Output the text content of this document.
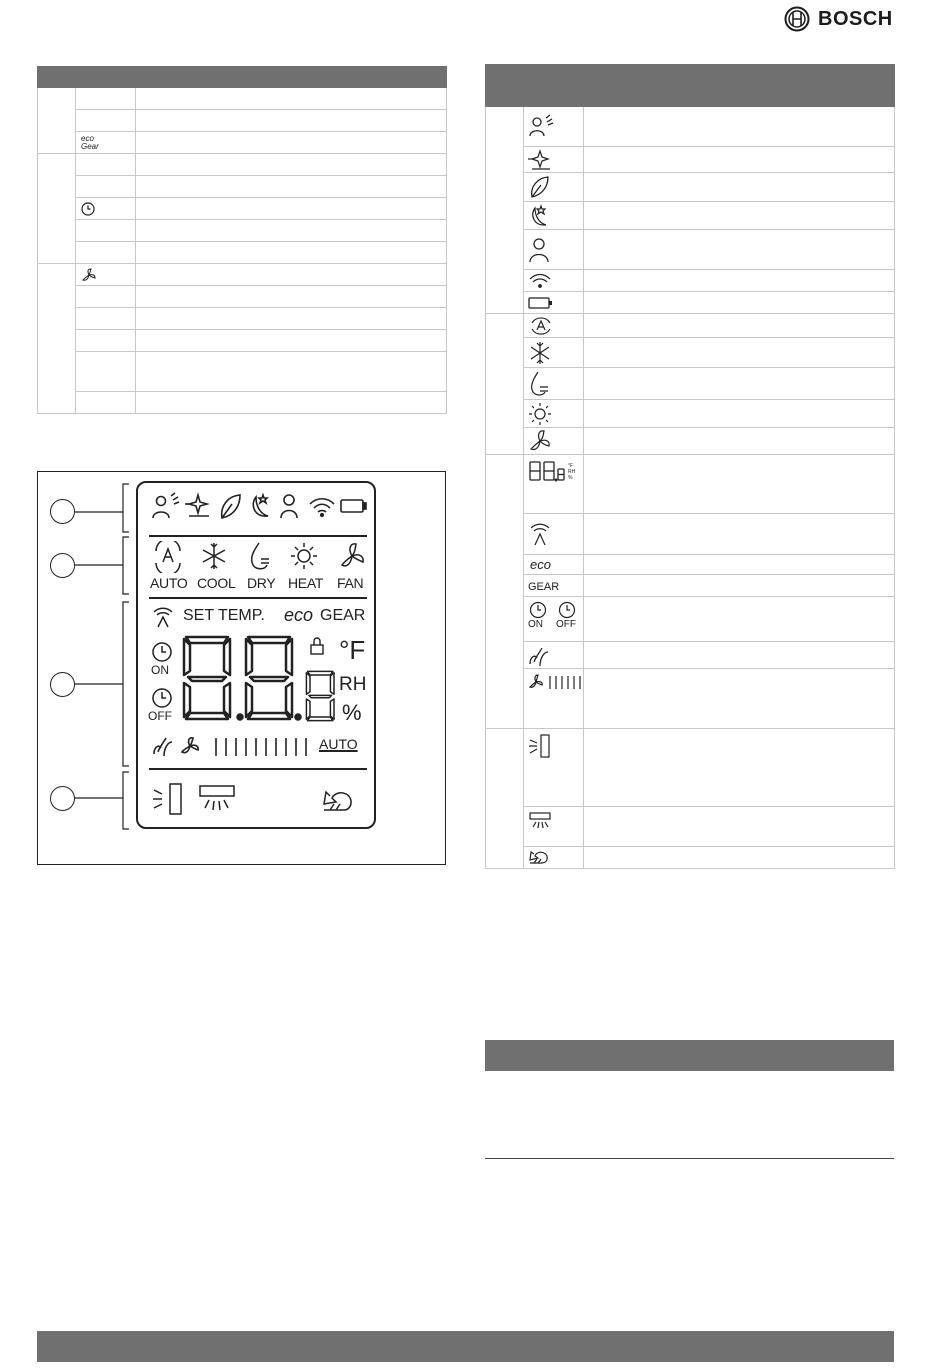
BOSCH

	eco
Gear	

AUTO COOL DRY HEAT FAN
SET TEMP. eco GEAR
ON
OFF
°F
RH
%
AUTO

°F
RH
%	

	eco	
	GEAR	

	ON OFF	
